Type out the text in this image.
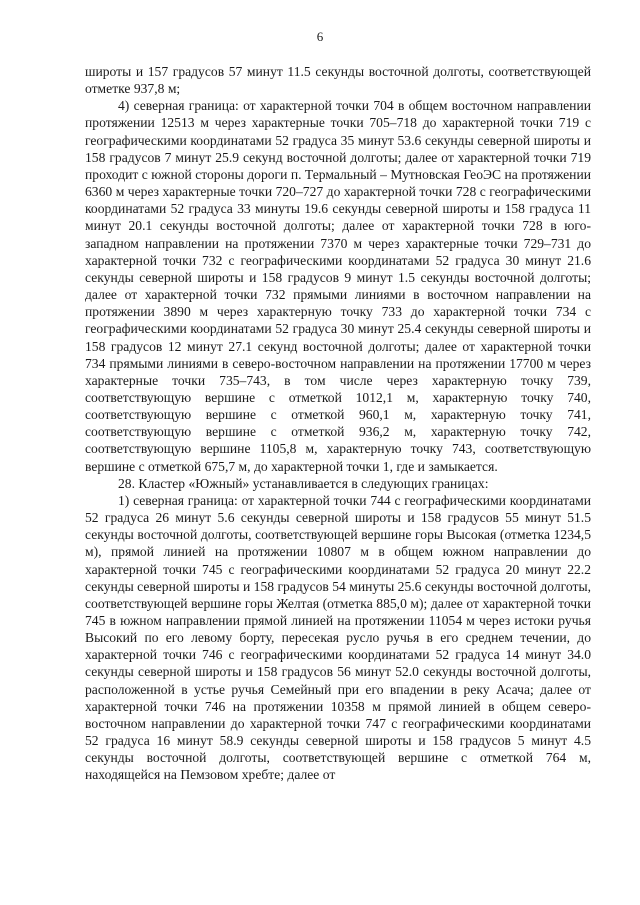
6

широты и 157 градусов 57 минут 11.5 секунды восточной долготы, соответствующей отметке 937,8 м;

4) северная граница: от характерной точки 704 в общем восточном направлении протяжении 12513 м через характерные точки 705–718 до характерной точки 719 с географическими координатами 52 градуса 35 минут 53.6 секунды северной широты и 158 градусов 7 минут 25.9 секунд восточной долготы; далее от характерной точки 719 проходит с южной стороны дороги п. Термальный – Мутновская ГеоЭС на протяжении 6360 м через характерные точки 720–727 до характерной точки 728 с географическими координатами 52 градуса 33 минуты 19.6 секунды северной широты и 158 градуса 11 минут 20.1 секунды восточной долготы; далее от характерной точки 728 в юго-западном направлении на протяжении 7370 м через характерные точки 729–731 до характерной точки 732 с географическими координатами 52 градуса 30 минут 21.6 секунды северной широты и 158 градусов 9 минут 1.5 секунды восточной долготы; далее от характерной точки 732 прямыми линиями в восточном направлении на протяжении 3890 м через характерную точку 733 до характерной точки 734 с географическими координатами 52 градуса 30 минут 25.4 секунды северной широты и 158 градусов 12 минут 27.1 секунд восточной долготы; далее от характерной точки 734 прямыми линиями в северо-восточном направлении на протяжении 17700 м через характерные точки 735–743, в том числе через характерную точку 739, соответствующую вершине с отметкой 1012,1 м, характерную точку 740, соответствующую вершине с отметкой 960,1 м, характерную точку 741, соответствующую вершине с отметкой 936,2 м, характерную точку 742, соответствующую вершине 1105,8 м, характерную точку 743, соответствующую вершине с отметкой 675,7 м, до характерной точки 1, где и замыкается.

28. Кластер «Южный» устанавливается в следующих границах:

1) северная граница: от характерной точки 744 с географическими координатами 52 градуса 26 минут 5.6 секунды северной широты и 158 градусов 55 минут 51.5 секунды восточной долготы, соответствующей вершине горы Высокая (отметка 1234,5 м), прямой линией на протяжении 10807 м в общем южном направлении до характерной точки 745 с географическими координатами 52 градуса 20 минут 22.2 секунды северной широты и 158 градусов 54 минуты 25.6 секунды восточной долготы, соответствующей вершине горы Желтая (отметка 885,0 м); далее от характерной точки 745 в южном направлении прямой линией на протяжении 11054 м через истоки ручья Высокий по его левому борту, пересекая русло ручья в его среднем течении, до характерной точки 746 с географическими координатами 52 градуса 14 минут 34.0 секунды северной широты и 158 градусов 56 минут 52.0 секунды восточной долготы, расположенной в устье ручья Семейный при его впадении в реку Асача; далее от характерной точки 746 на протяжении 10358 м прямой линией в общем северо-восточном направлении до характерной точки 747 с географическими координатами 52 градуса 16 минут 58.9 секунды северной широты и 158 градусов 5 минут 4.5 секунды восточной долготы, соответствующей вершине с отметкой 764 м, находящейся на Пемзовом хребте; далее от
